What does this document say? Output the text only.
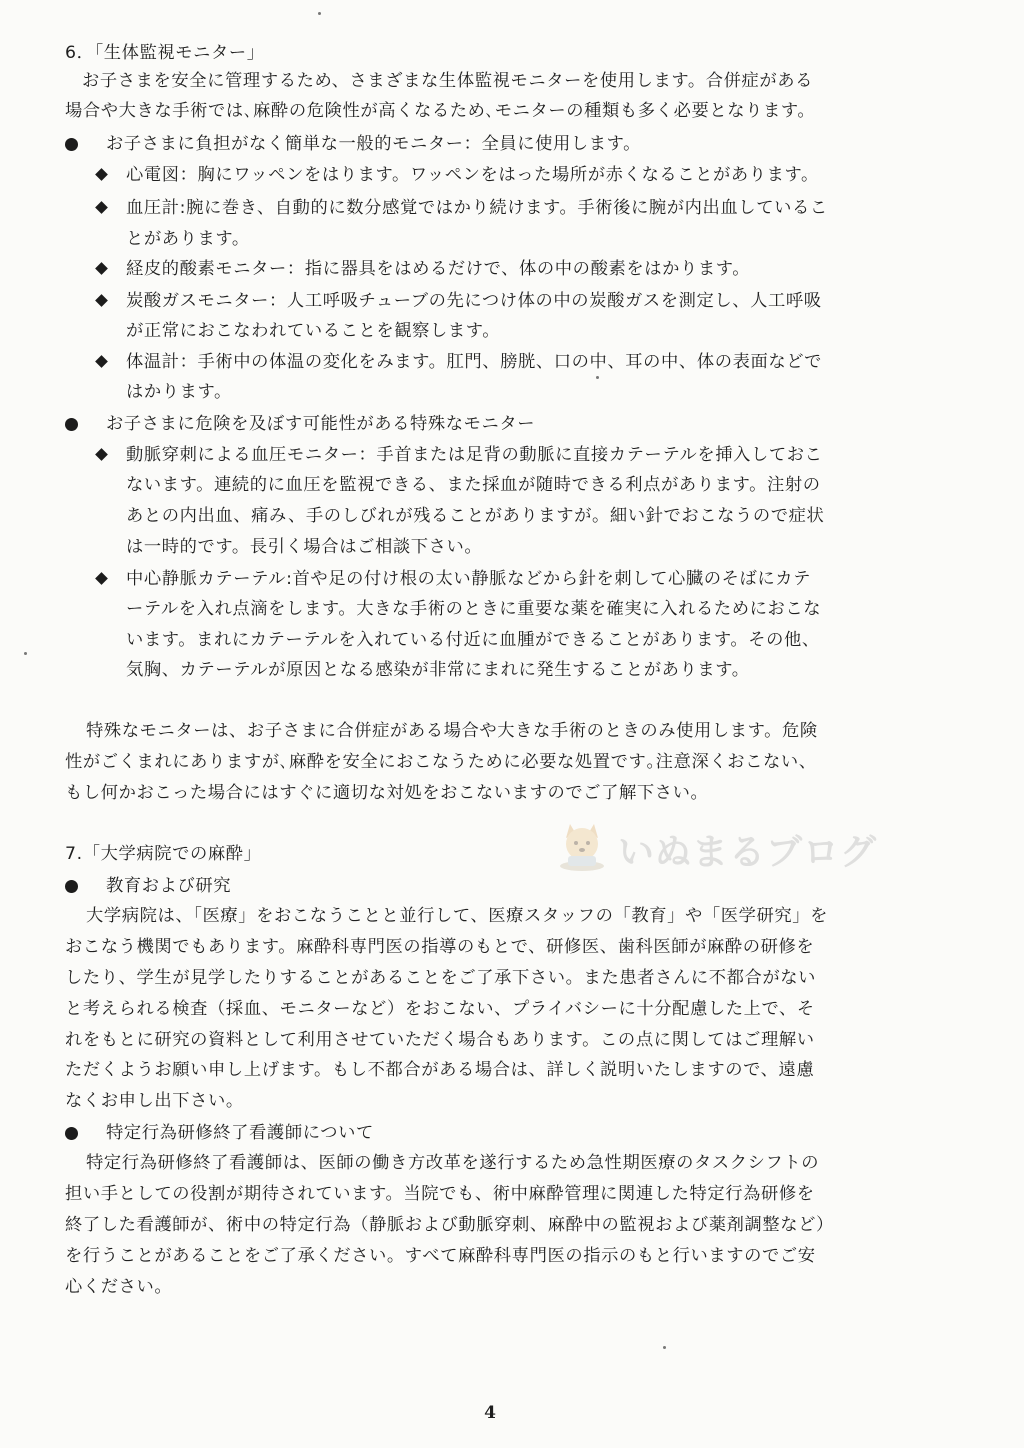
6．「生体監視モニター」

お子さまを安全に管理するため、さまざまな生体監視モニターを使用します。合併症がある

場合や大きな手術では､麻酔の危険性が高くなるため､モニターの種類も多く必要となります。

お子さまに負担がなく簡単な一般的モニター：全員に使用します。

心電図：胸にワッペンをはります。ワッペンをはった場所が赤くなることがあります。

血圧計:腕に巻き、自動的に数分感覚ではかり続けます。手術後に腕が内出血しているこ

とがあります。

経皮的酸素モニター：指に器具をはめるだけで、体の中の酸素をはかります。

炭酸ガスモニター：人工呼吸チューブの先につけ体の中の炭酸ガスを測定し、人工呼吸

が正常におこなわれていることを観察します。

体温計：手術中の体温の変化をみます。肛門、膀胱、口の中、耳の中、体の表面などで

はかります。

お子さまに危険を及ぼす可能性がある特殊なモニター

動脈穿刺による血圧モニター：手首または足背の動脈に直接カテーテルを挿入しておこ

ないます。連続的に血圧を監視できる、また採血が随時できる利点があります。注射の

あとの内出血、痛み、手のしびれが残ることがありますが。細い針でおこなうので症状

は一時的です。長引く場合はご相談下さい。

中心静脈カテーテル:首や足の付け根の太い静脈などから針を刺して心臓のそばにカテ

ーテルを入れ点滴をします。大きな手術のときに重要な薬を確実に入れるためにおこな

います。まれにカテーテルを入れている付近に血腫ができることがあります。その他、

気胸、カテーテルが原因となる感染が非常にまれに発生することがあります。

特殊なモニターは、お子さまに合併症がある場合や大きな手術のときのみ使用します。危険

性がごくまれにありますが､麻酔を安全におこなうために必要な処置です｡注意深くおこない、

もし何かおこった場合にはすぐに適切な対処をおこないますのでご了解下さい。

いぬまるブログ

7.「大学病院での麻酔」

教育および研究

大学病院は、「医療」をおこなうことと並行して、医療スタッフの「教育」や「医学研究」を

おこなう機関でもあります。麻酔科専門医の指導のもとで、研修医、歯科医師が麻酔の研修を

したり、学生が見学したりすることがあることをご了承下さい。また患者さんに不都合がない

と考えられる検査（採血、モニターなど）をおこない、プライバシーに十分配慮した上で、そ

れをもとに研究の資料として利用させていただく場合もあります。この点に関してはご理解い

ただくようお願い申し上げます。もし不都合がある場合は、詳しく説明いたしますので、遠慮

なくお申し出下さい。

特定行為研修終了看護師について

特定行為研修終了看護師は、医師の働き方改革を遂行するため急性期医療のタスクシフトの

担い手としての役割が期待されています。当院でも、術中麻酔管理に関連した特定行為研修を

終了した看護師が、術中の特定行為（静脈および動脈穿刺、麻酔中の監視および薬剤調整など）

を行うことがあることをご了承ください。すべて麻酔科専門医の指示のもと行いますのでご安

心ください。

4
